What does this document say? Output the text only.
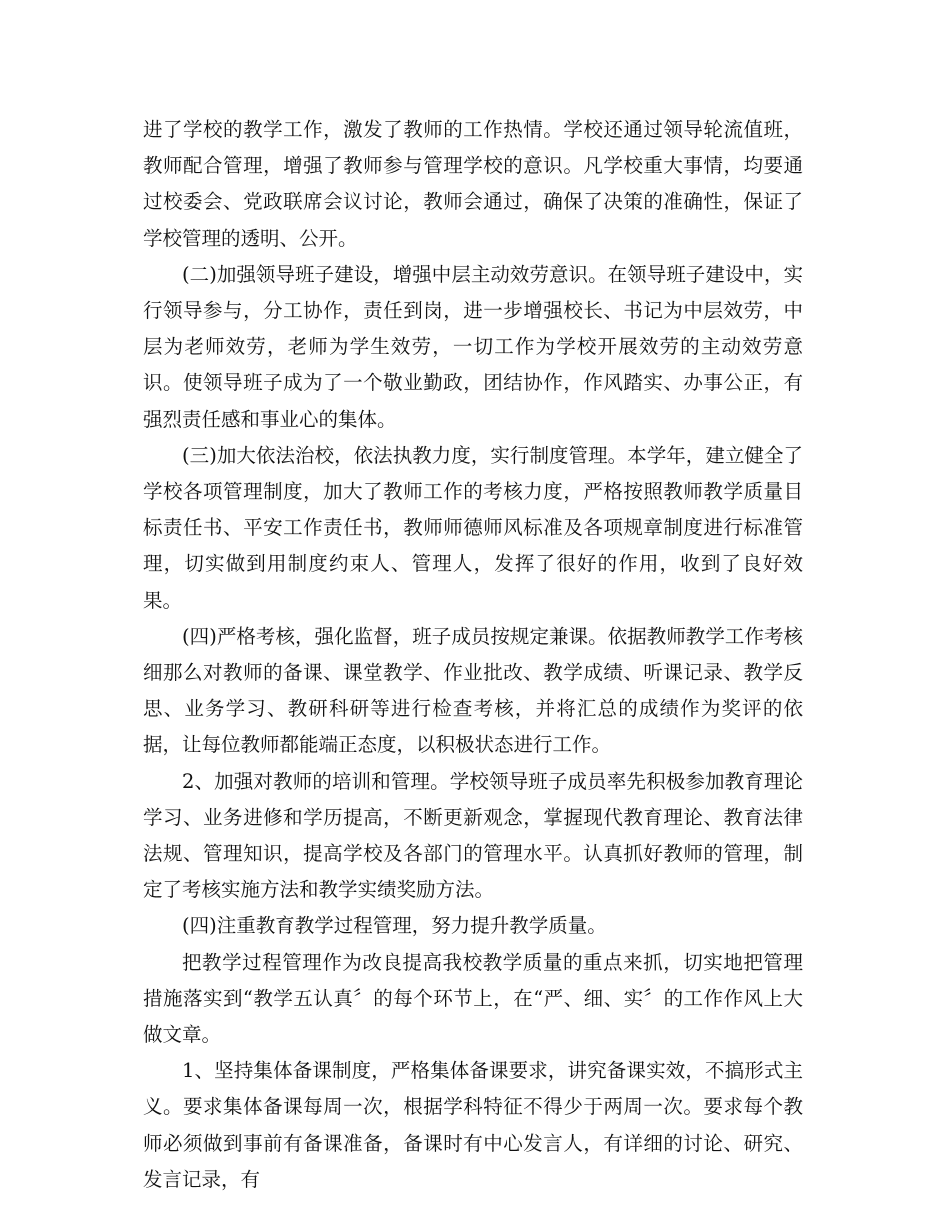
进了学校的教学工作，激发了教师的工作热情。学校还通过领导轮流值班，教师配合管理，增强了教师参与管理学校的意识。凡学校重大事情，均要通过校委会、党政联席会议讨论，教师会通过，确保了决策的准确性，保证了学校管理的透明、公开。

(二)加强领导班子建设，增强中层主动效劳意识。在领导班子建设中，实行领导参与，分工协作，责任到岗，进一步增强校长、书记为中层效劳，中层为老师效劳，老师为学生效劳，一切工作为学校开展效劳的主动效劳意识。使领导班子成为了一个敬业勤政，团结协作，作风踏实、办事公正，有强烈责任感和事业心的集体。

(三)加大依法治校，依法执教力度，实行制度管理。本学年，建立健全了学校各项管理制度，加大了教师工作的考核力度，严格按照教师教学质量目标责任书、平安工作责任书，教师师德师风标准及各项规章制度进行标准管理，切实做到用制度约束人、管理人，发挥了很好的作用，收到了良好效果。

(四)严格考核，强化监督，班子成员按规定兼课。依据教师教学工作考核细那么对教师的备课、课堂教学、作业批改、教学成绩、听课记录、教学反思、业务学习、教研科研等进行检查考核，并将汇总的成绩作为奖评的依据，让每位教师都能端正态度，以积极状态进行工作。

2、加强对教师的培训和管理。学校领导班子成员率先积极参加教育理论学习、业务进修和学历提高，不断更新观念，掌握现代教育理论、教育法律法规、管理知识，提高学校及各部门的管理水平。认真抓好教师的管理，制定了考核实施方法和教学实绩奖励方法。

(四)注重教育教学过程管理，努力提升教学质量。

把教学过程管理作为改良提高我校教学质量的重点来抓，切实地把管理措施落实到“教学五认真〞的每个环节上，在“严、细、实〞的工作作风上大做文章。

1、坚持集体备课制度，严格集体备课要求，讲究备课实效，不搞形式主义。要求集体备课每周一次，根据学科特征不得少于两周一次。要求每个教师必须做到事前有备课准备，备课时有中心发言人，有详细的讨论、研究、发言记录，有
